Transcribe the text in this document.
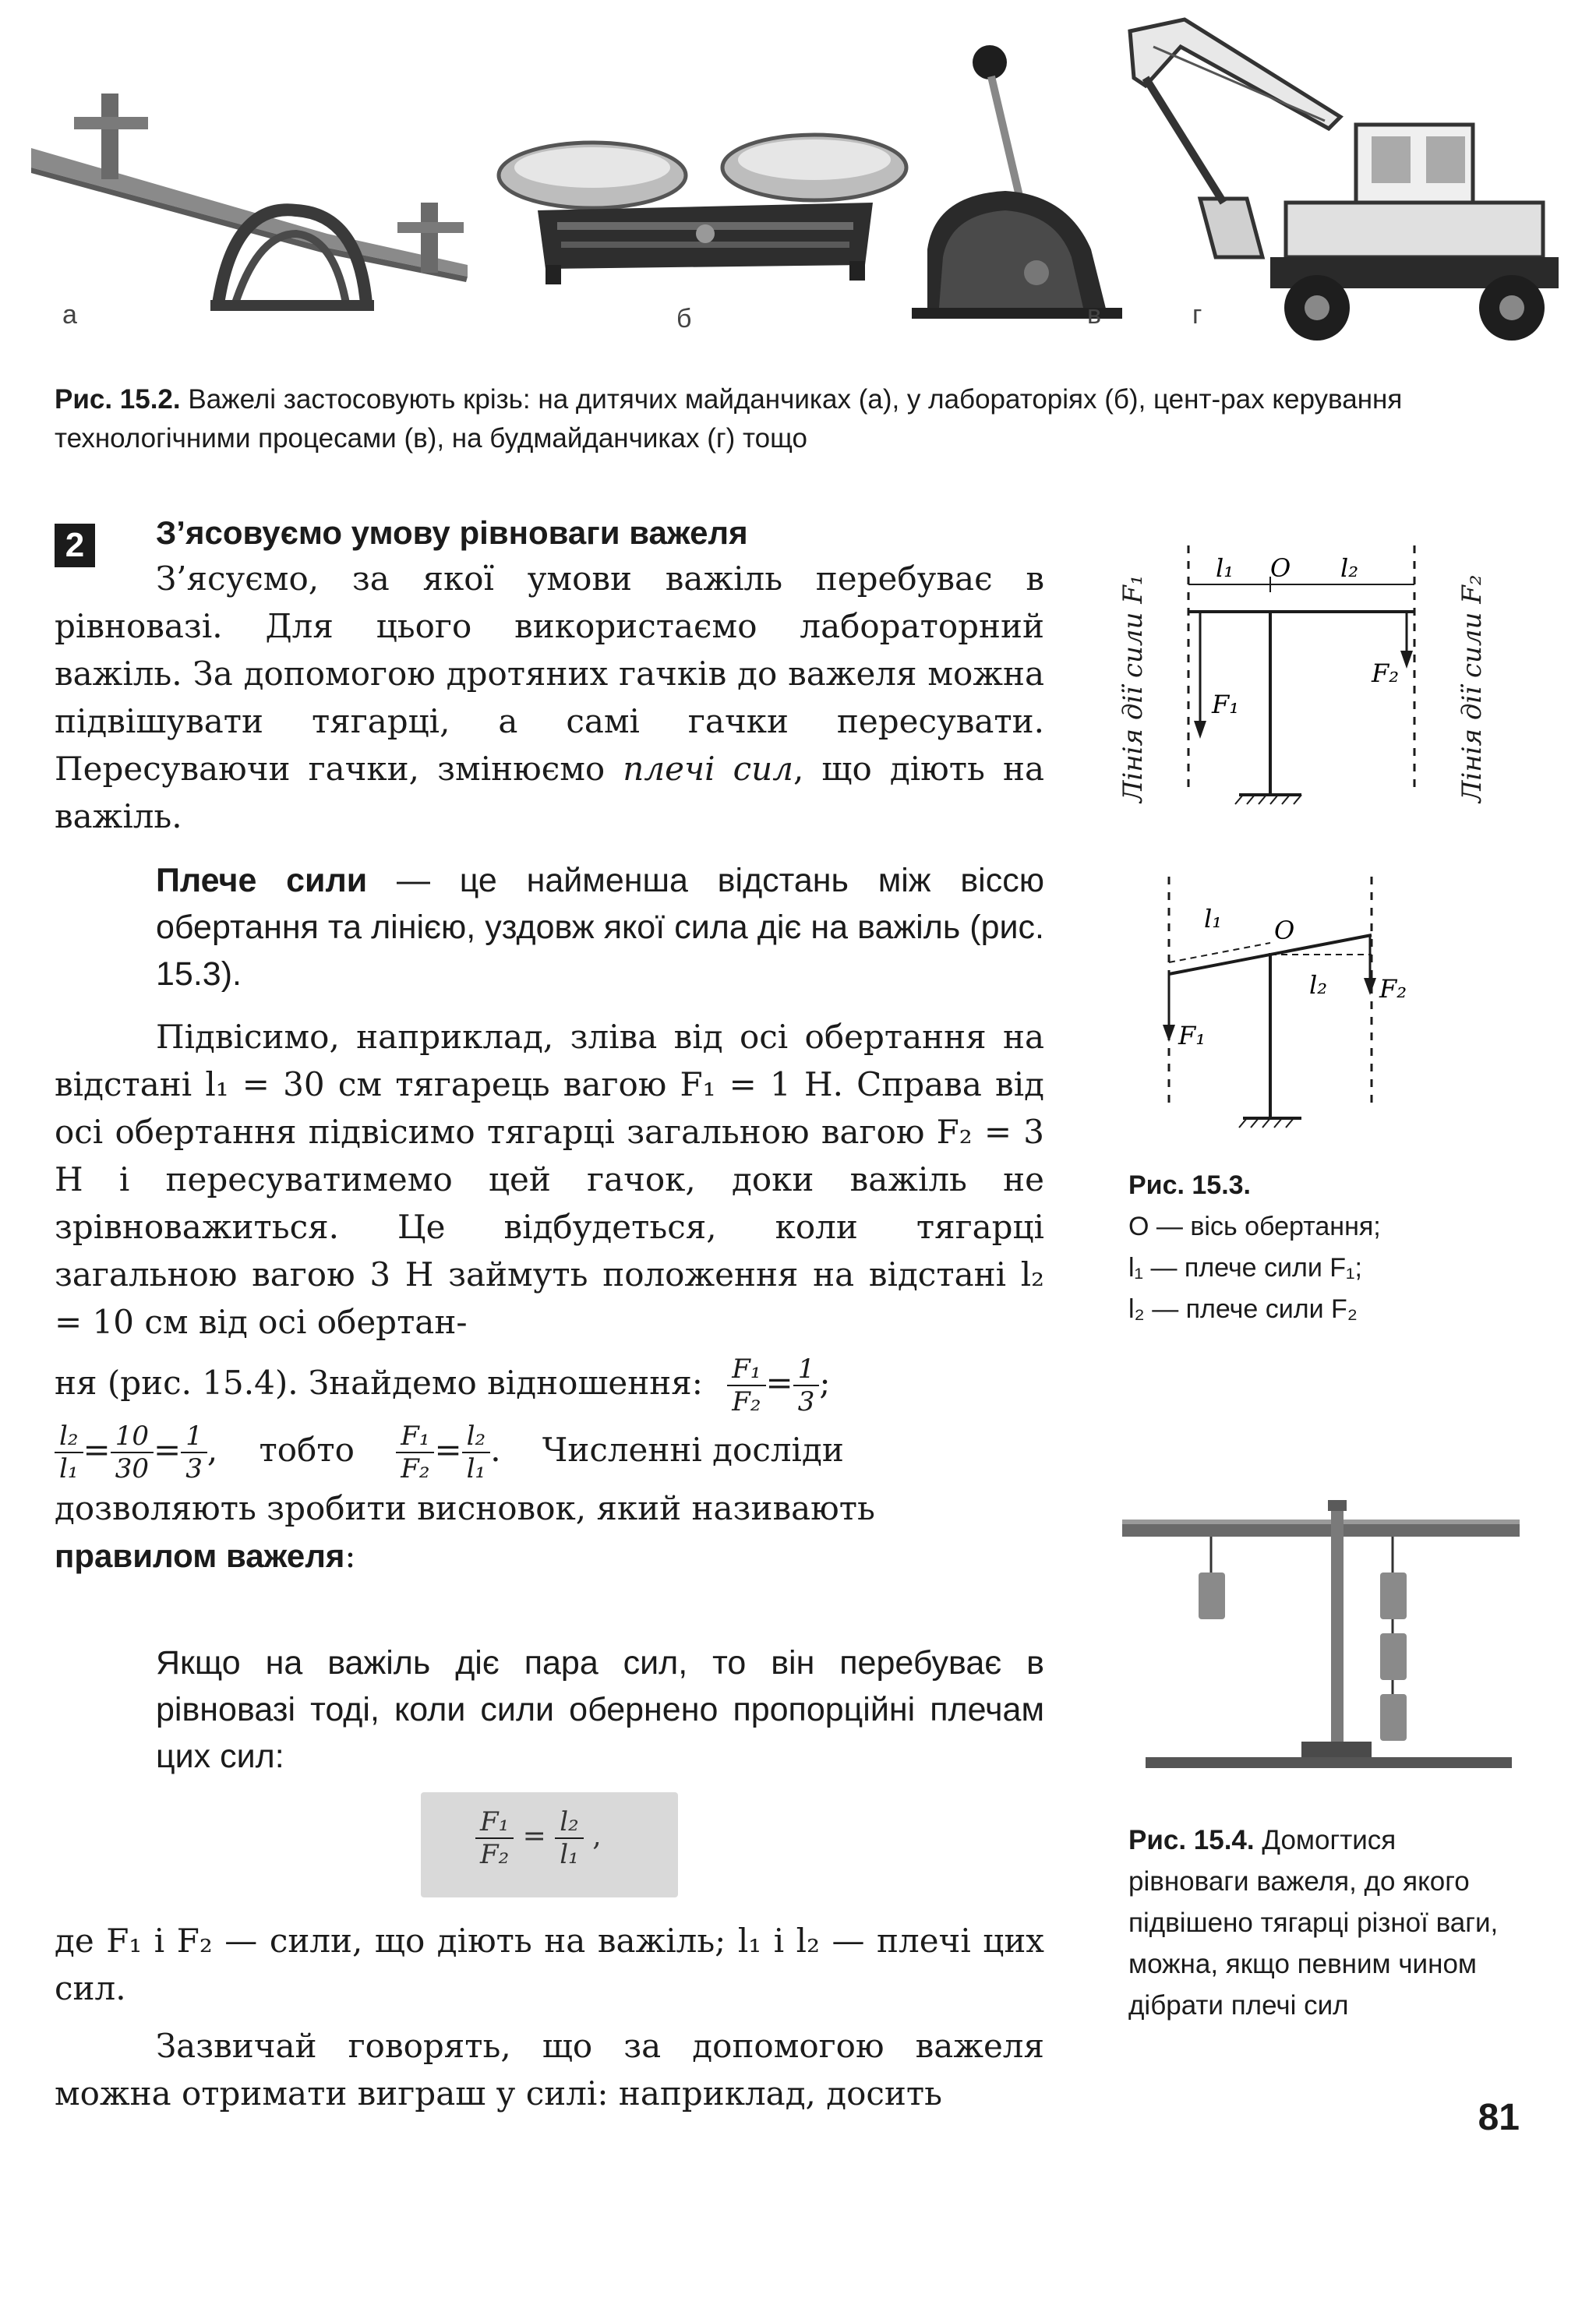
а	б	в	г
Рис. 15.2. Важелі застосовують крізь: на дитячих майданчиках (а), у лабораторіях (б), цент-рах керування технологічними процесами (в), на будмайданчиках (г) тощо
2	З’ясовуємо умову рівноваги важеля
З’ясуємо, за якої умови важіль перебуває в рівновазі. Для цього використаємо лабораторний важіль. За допомогою дротяних гачків до важеля можна підвішувати тягарці, а самі гачки пересувати. Пересуваючи гачки, змінюємо плечі сил, що діють на важіль.
Плече сили — це найменша відстань між віссю обертання та лінією, уздовж якої сила діє на важіль (рис. 15.3).
Підвісимо, наприклад, зліва від осі обертання на відстані l₁ = 30 см тягарець вагою F₁ = 1 Н. Справа від осі обертання підвісимо тягарці загальною вагою F₂ = 3 Н і пересуватимемо цей гачок, доки важіль не зрівноважиться. Це відбудеться, коли тягарці загальною вагою 3 Н займуть положення на відстані l₂ = 10 см від осі обертан-
ня (рис. 15.4). Знайдемо відношення: $\frac{\text{F₁}}{\text{F₂}} = \frac{1}{3}$ ;
$\frac{\text{l₂}}{\text{l₁}} = \frac{10}{30} = \frac{1}{3}$ , тобто $\frac{\text{F₁}}{\text{F₂}} = \frac{\text{l₂}}{\text{l₁}}$ . Численні досліди
дозволяють зробити висновок, який називають правилом важеля:
Якщо на важіль діє пара сил, то він перебуває в рівновазі тоді, коли сили обернено пропорційні плечам цих сил:
$\frac{\text{F₁}}{\text{F₂}} = \frac{\text{l₂}}{\text{l₁}}$ ,
де F₁ і F₂ — сили, що діють на важіль; l₁ і l₂ — плечі цих сил.
Зазвичай говорять, що за допомогою важеля можна отримати виграш у силі: наприклад, досить
Лінія дії сили F₁	Лінія дії сили F₂
l₁ O l₂
F₁
F₂
l₁ O
l₂
F₁
F₂
Рис. 15.3.
O — вісь обертання;
l₁ — плече сили F₁;
l₂ — плече сили F₂
Рис. 15.4. Домогтися рівноваги важеля, до якого підвішено тягарці різної ваги, можна, якщо певним чином дібрати плечі сил
81
